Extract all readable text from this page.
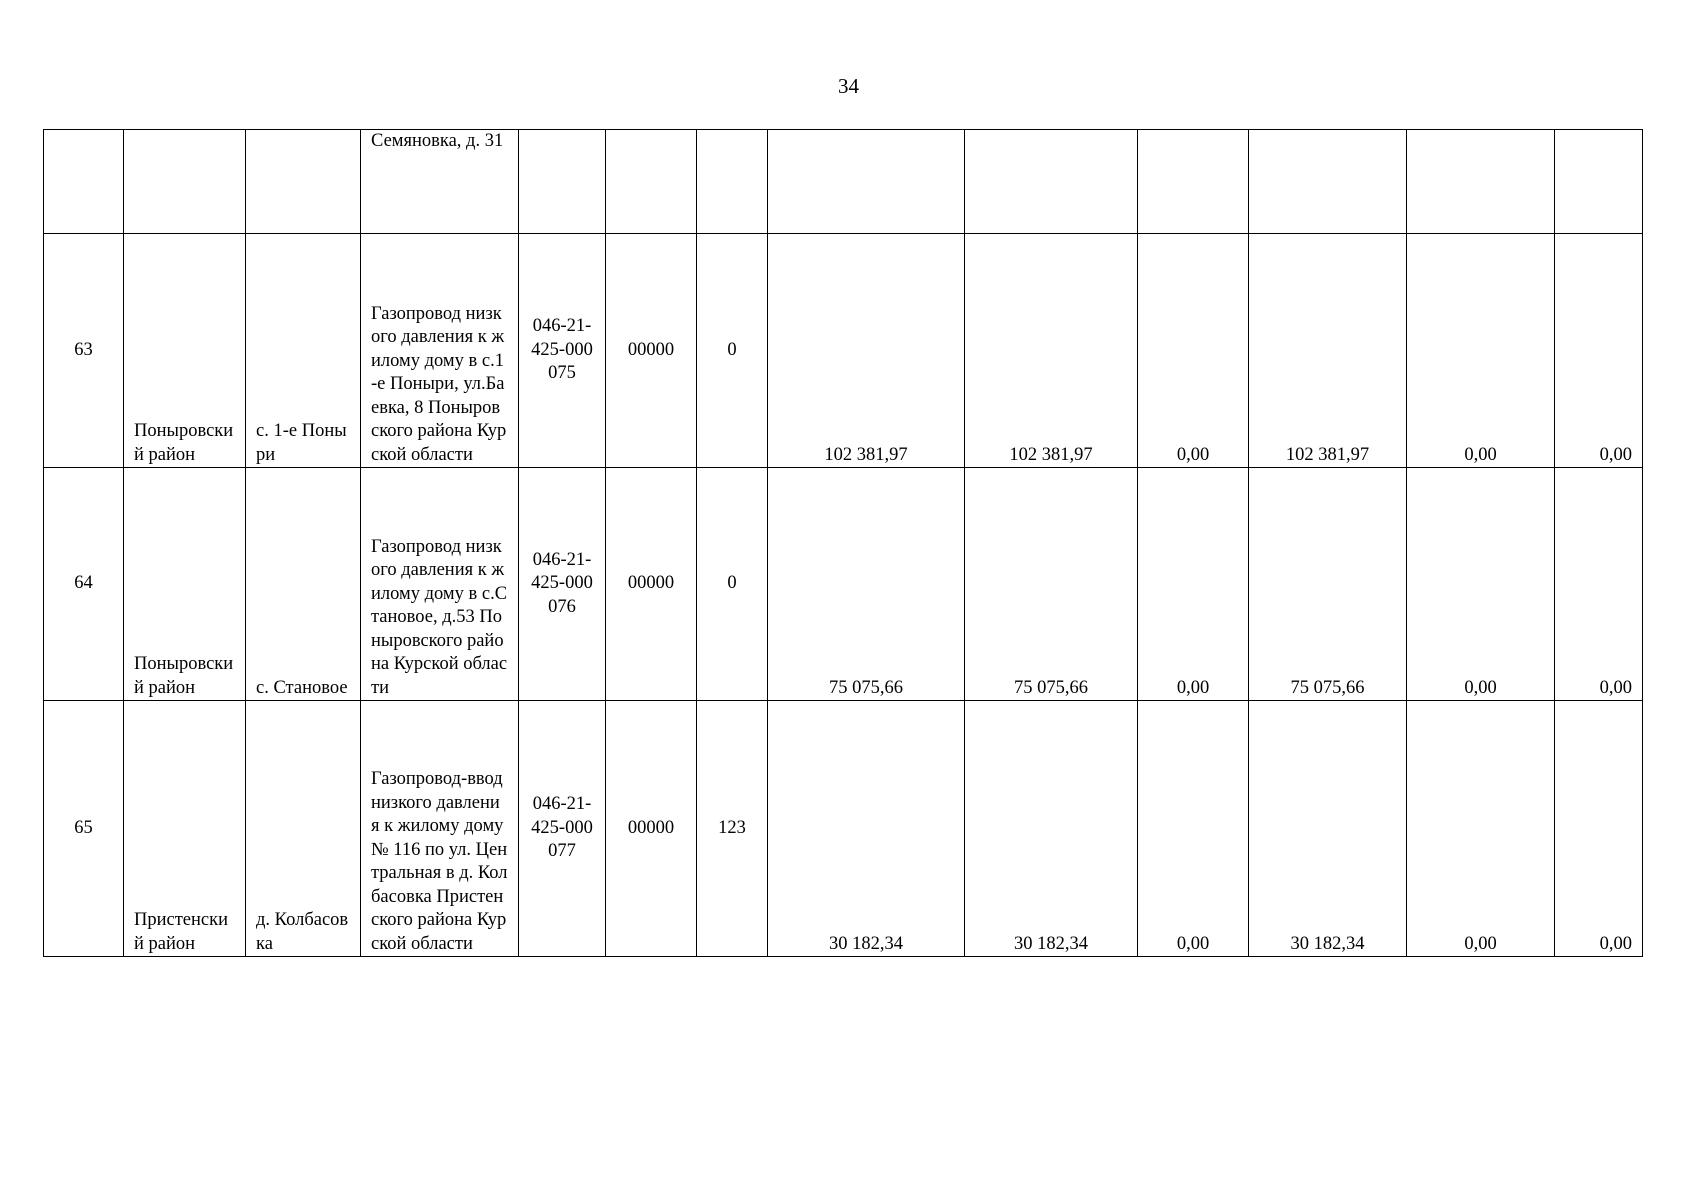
34
			Семяновка, д. 31									
63	Поныровский район	с. 1-е Поныри	Газопровод низкого давления к жилому дому в с.1-е Поныри, ул.Баевка, 8 Поныровского района Курской области	046-21-425-000075	00000	0	102 381,97	102 381,97	0,00	102 381,97	0,00	0,00
64	Поныровский район	с. Становое	Газопровод низкого давления к жилому дому в с.Становое, д.53 Поныровского района Курской области	046-21-425-000076	00000	0	75 075,66	75 075,66	0,00	75 075,66	0,00	0,00
65	Пристенский район	д. Колбасовка	Газопровод-ввод низкого давления к жилому дому № 116 по ул. Центральная в д. Колбасовка Пристенского района Курской области	046-21-425-000077	00000	123	30 182,34	30 182,34	0,00	30 182,34	0,00	0,00
